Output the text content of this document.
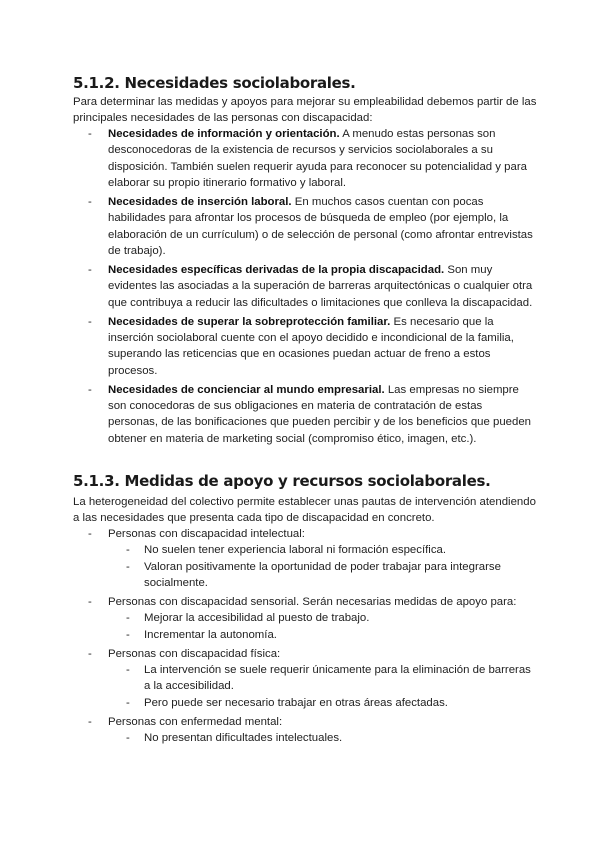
5.1.2. Necesidades sociolaborales.

Para determinar las medidas y apoyos para mejorar su empleabilidad debemos partir de las principales necesidades de las personas con discapacidad:

- Necesidades de información y orientación. A menudo estas personas son desconocedoras de la existencia de recursos y servicios sociolaborales a su disposición. También suelen requerir ayuda para reconocer su potencialidad y para elaborar su propio itinerario formativo y laboral.
- Necesidades de inserción laboral. En muchos casos cuentan con pocas habilidades para afrontar los procesos de búsqueda de empleo (por ejemplo, la elaboración de un currículum) o de selección de personal (como afrontar entrevistas de trabajo).
- Necesidades específicas derivadas de la propia discapacidad. Son muy evidentes las asociadas a la superación de barreras arquitectónicas o cualquier otra que contribuya a reducir las dificultades o limitaciones que conlleva la discapacidad.
- Necesidades de superar la sobreprotección familiar. Es necesario que la inserción sociolaboral cuente con el apoyo decidido e incondicional de la familia, superando las reticencias que en ocasiones puedan actuar de freno a estos procesos.
- Necesidades de concienciar al mundo empresarial. Las empresas no siempre son conocedoras de sus obligaciones en materia de contratación de estas personas, de las bonificaciones que pueden percibir y de los beneficios que pueden obtener en materia de marketing social (compromiso ético, imagen, etc.).
5.1.3. Medidas de apoyo y recursos sociolaborales.

La heterogeneidad del colectivo permite establecer unas pautas de intervención atendiendo a las necesidades que presenta cada tipo de discapacidad en concreto.

- Personas con discapacidad intelectual:
- No suelen tener experiencia laboral ni formación específica.
- Valoran positivamente la oportunidad de poder trabajar para integrarse socialmente.
- Personas con discapacidad sensorial. Serán necesarias medidas de apoyo para:
- Mejorar la accesibilidad al puesto de trabajo.
- Incrementar la autonomía.
- Personas con discapacidad física:
- La intervención se suele requerir únicamente para la eliminación de barreras a la accesibilidad.
- Pero puede ser necesario trabajar en otras áreas afectadas.
- Personas con enfermedad mental:
- No presentan dificultades intelectuales.
